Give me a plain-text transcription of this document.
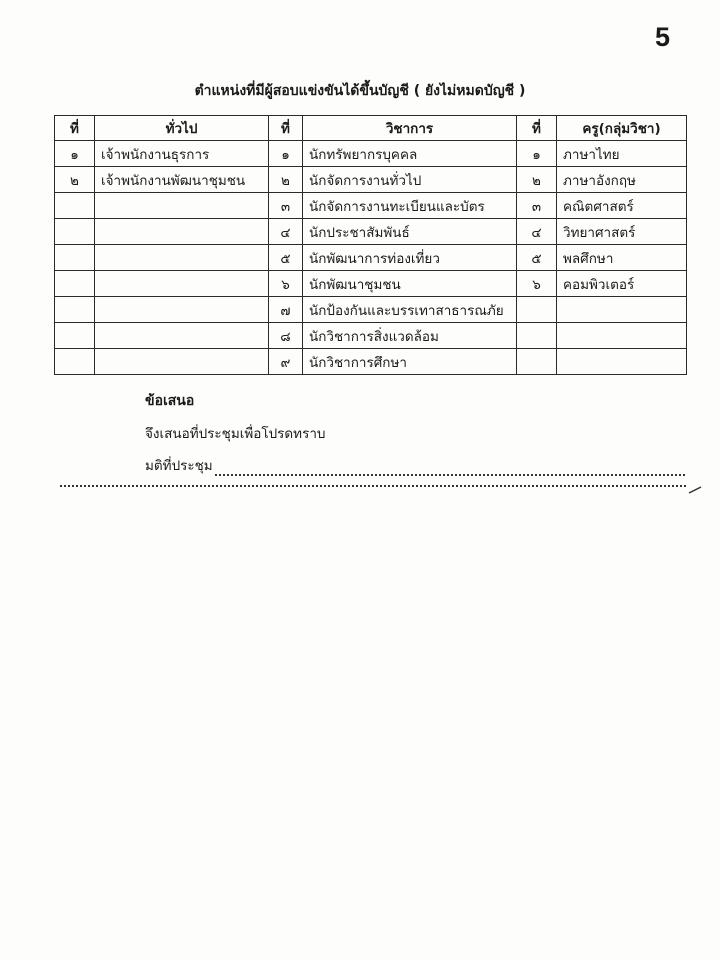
5
ตำแหน่งที่มีผู้สอบแข่งขันได้ขึ้นบัญชี ( ยังไม่หมดบัญชี )
ที่	ทั่วไป	ที่	วิชาการ	ที่	ครู(กลุ่มวิชา)
๑	เจ้าพนักงานธุรการ	๑	นักทรัพยากรบุคคล	๑	ภาษาไทย
๒	เจ้าพนักงานพัฒนาชุมชน	๒	นักจัดการงานทั่วไป	๒	ภาษาอังกฤษ
		๓	นักจัดการงานทะเบียนและบัตร	๓	คณิตศาสตร์
		๔	นักประชาสัมพันธ์	๔	วิทยาศาสตร์
		๕	นักพัฒนาการท่องเที่ยว	๕	พลศึกษา
		๖	นักพัฒนาชุมชน	๖	คอมพิวเตอร์
		๗	นักป้องกันและบรรเทาสาธารณภัย		
		๘	นักวิชาการสิ่งแวดล้อม		
		๙	นักวิชาการศึกษา		
ข้อเสนอ
จึงเสนอที่ประชุมเพื่อโปรดทราบ
มติที่ประชุม
